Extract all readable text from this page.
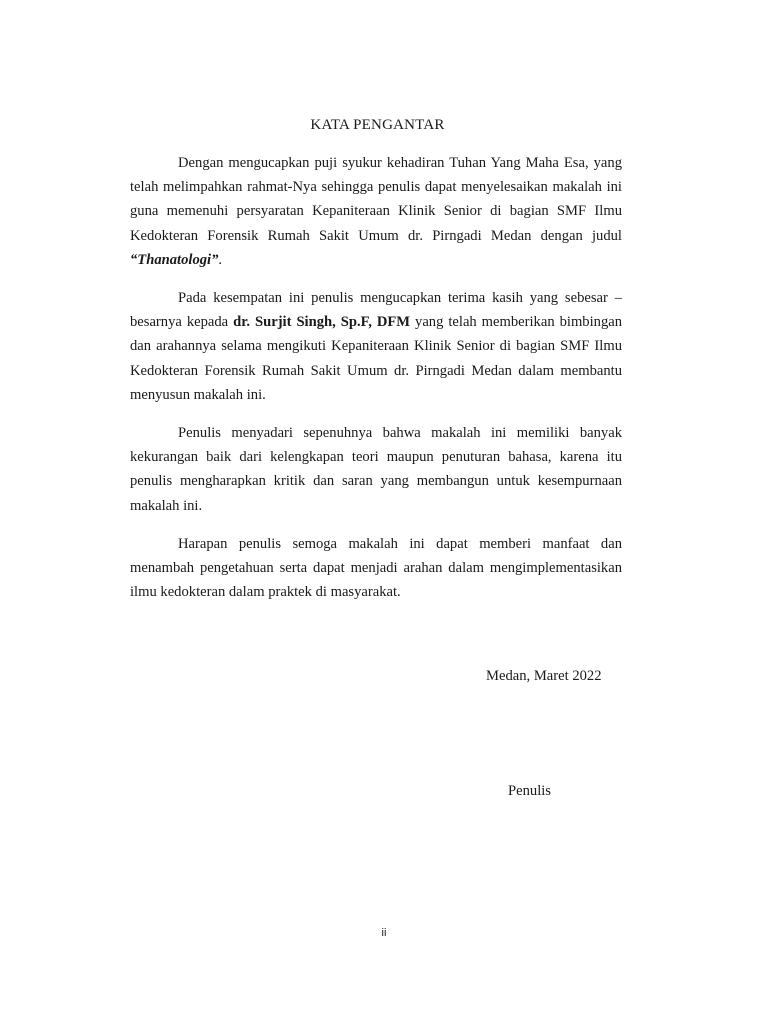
KATA PENGANTAR

Dengan mengucapkan puji syukur kehadiran Tuhan Yang Maha Esa, yang telah melimpahkan rahmat-Nya sehingga penulis dapat menyelesaikan makalah ini guna memenuhi persyaratan Kepaniteraan Klinik Senior di bagian SMF Ilmu Kedokteran Forensik Rumah Sakit Umum dr. Pirngadi Medan dengan judul “Thanatologi”.

Pada kesempatan ini penulis mengucapkan terima kasih yang sebesar – besarnya kepada dr. Surjit Singh, Sp.F, DFM yang telah memberikan bimbingan dan arahannya selama mengikuti Kepaniteraan Klinik Senior di bagian SMF Ilmu Kedokteran Forensik Rumah Sakit Umum dr. Pirngadi Medan dalam membantu menyusun makalah ini.

Penulis menyadari sepenuhnya bahwa makalah ini memiliki banyak kekurangan baik dari kelengkapan teori maupun penuturan bahasa, karena itu penulis mengharapkan kritik dan saran yang membangun untuk kesempurnaan makalah ini.

Harapan penulis semoga makalah ini dapat memberi manfaat dan menambah pengetahuan serta dapat menjadi arahan dalam mengimplementasikan ilmu kedokteran dalam praktek di masyarakat.

Medan, Maret 2022
Penulis
ii
